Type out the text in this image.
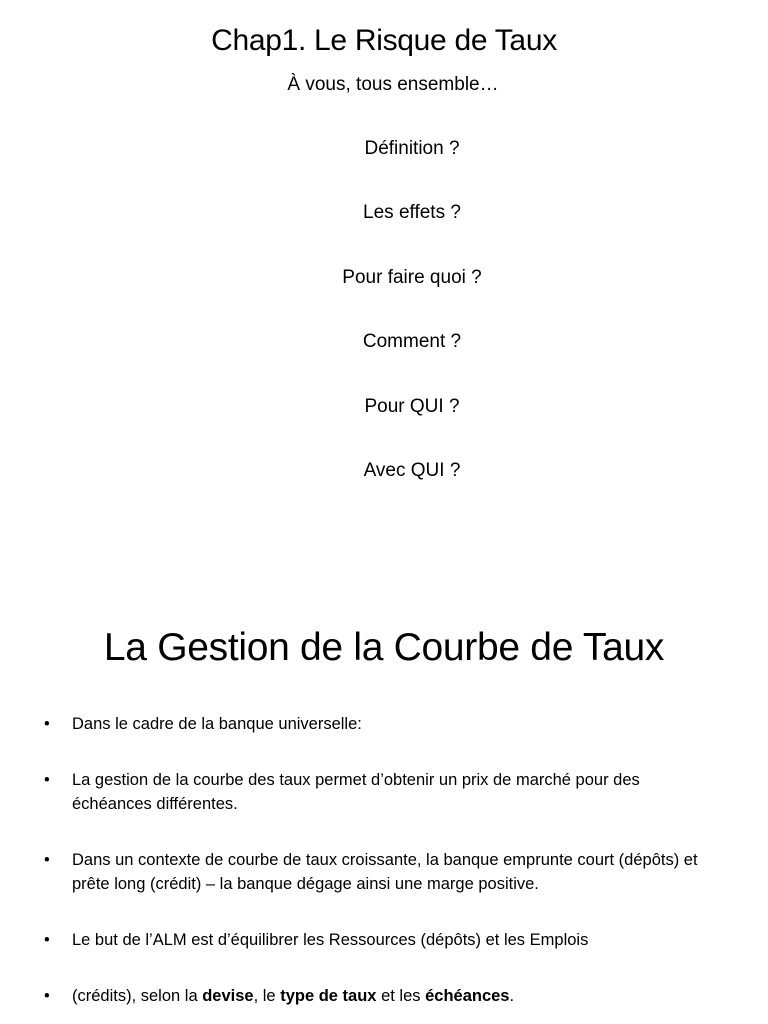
Chap1. Le Risque de Taux
À vous, tous ensemble…
Définition ?
Les effets ?
Pour faire quoi ?
Comment ?
Pour QUI ?
Avec QUI ?
La Gestion de la Courbe de Taux
•	Dans le cadre de la banque universelle:
•	La gestion de la courbe des taux permet d’obtenir un prix de marché pour des échéances différentes.
•	Dans un contexte de courbe de taux croissante, la banque emprunte court (dépôts) et prête long (crédit) – la banque dégage ainsi une marge positive.
•	Le but de l’ALM est d’équilibrer les Ressources (dépôts) et les Emplois
•	(crédits), selon la devise, le type de taux et les échéances.
